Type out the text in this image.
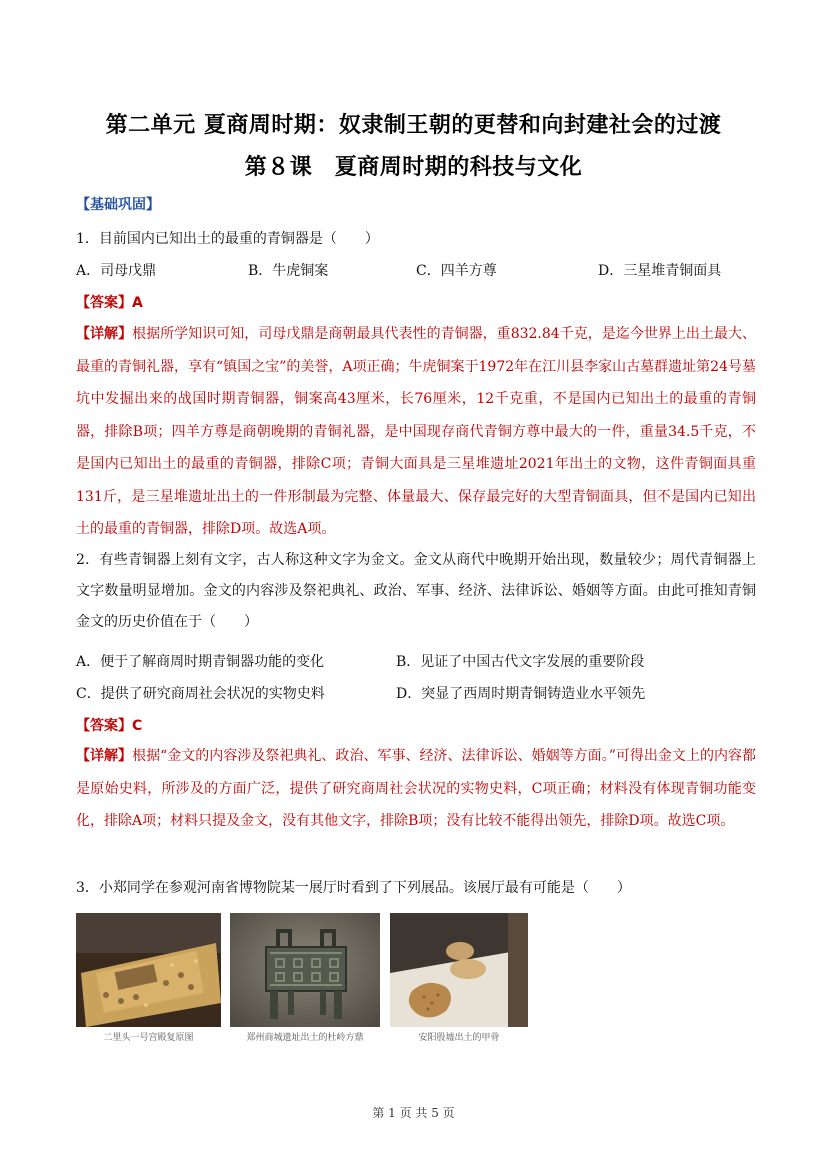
第二单元 夏商周时期：奴隶制王朝的更替和向封建社会的过渡
第８课　夏商周时期的科技与文化
【基础巩固】
1．目前国内已知出土的最重的青铜器是（　　）
A．司母戊鼎	B．牛虎铜案	C．四羊方尊	D．三星堆青铜面具
【答案】A
【详解】根据所学知识可知，司母戊鼎是商朝最具代表性的青铜器，重832.84千克，是迄今世界上出土最大、最重的青铜礼器，享有“镇国之宝”的美誉，A项正确；牛虎铜案于1972年在江川县李家山古墓群遗址第24号墓坑中发掘出来的战国时期青铜器，铜案高43厘米，长76厘米，12千克重，不是国内已知出土的最重的青铜器，排除B项；四羊方尊是商朝晚期的青铜礼器，是中国现存商代青铜方尊中最大的一件，重量34.5千克，不是国内已知出土的最重的青铜器，排除C项；青铜大面具是三星堆遗址2021年出土的文物，这件青铜面具重131斤，是三星堆遗址出土的一件形制最为完整、体量最大、保存最完好的大型青铜面具，但不是国内已知出土的最重的青铜器，排除D项。故选A项。
2．有些青铜器上刻有文字，古人称这种文字为金文。金文从商代中晚期开始出现，数量较少；周代青铜器上文字数量明显增加。金文的内容涉及祭祀典礼、政治、军事、经济、法律诉讼、婚姻等方面。由此可推知青铜金文的历史价值在于（　　）
A．便于了解商周时期青铜器功能的变化	B．见证了中国古代文字发展的重要阶段
C．提供了研究商周社会状况的实物史料	D．突显了西周时期青铜铸造业水平领先
【答案】C
【详解】根据“金文的内容涉及祭祀典礼、政治、军事、经济、法律诉讼、婚姻等方面。”可得出金文上的内容都是原始史料，所涉及的方面广泛，提供了研究商周社会状况的实物史料，C项正确；材料没有体现青铜功能变化，排除A项；材料只提及金文，没有其他文字，排除B项；没有比较不能得出领先，排除D项。故选C项。
3．小郑同学在参观河南省博物院某一展厅时看到了下列展品。该展厅最有可能是（　　）
二里头一号宫殿复原图	郑州商城遗址出土的杜岭方鼎	安阳殷墟出土的甲骨
第 1 页 共 5 页
